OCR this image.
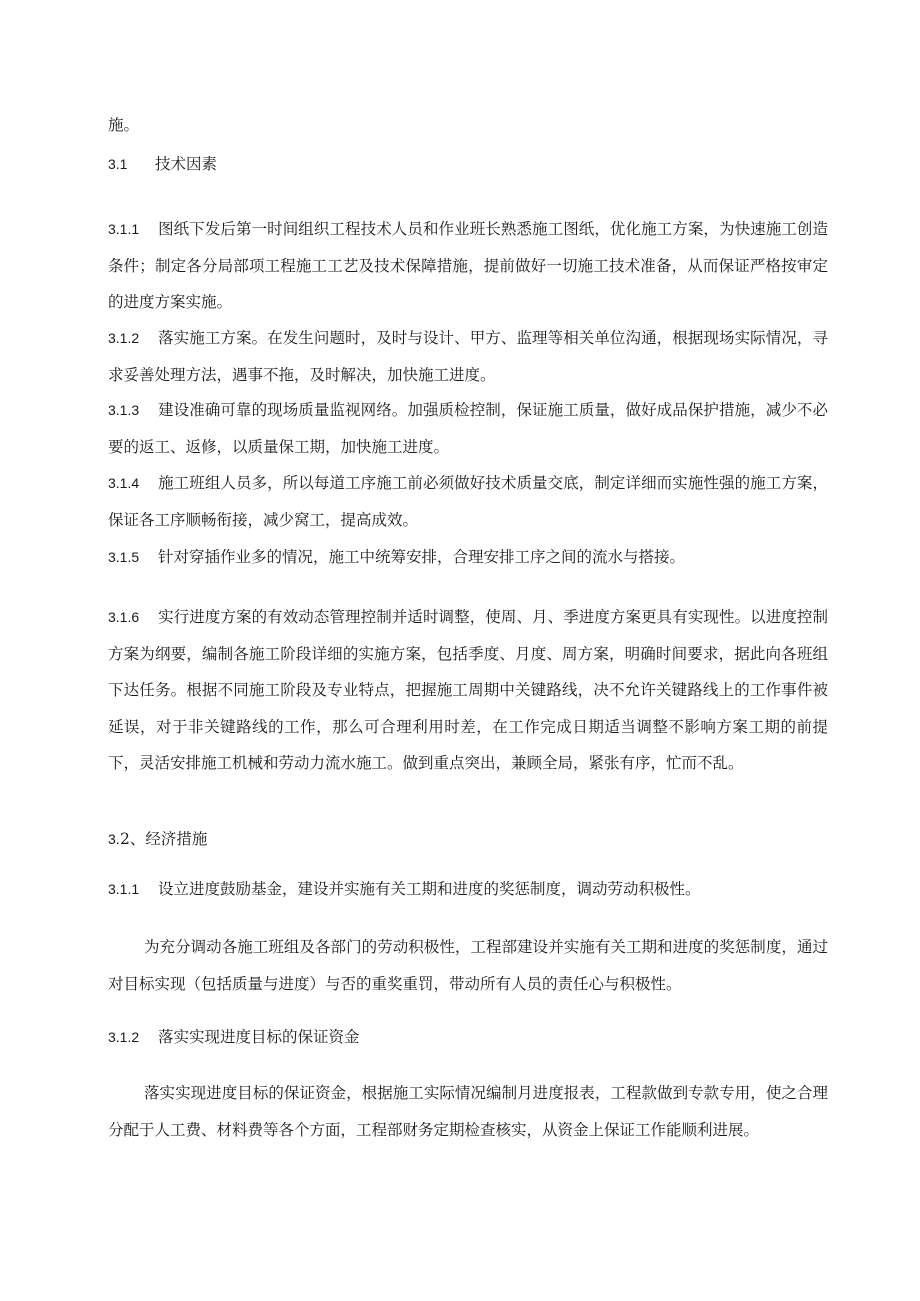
施。
3.1 技术因素
3.1.1 图纸下发后第一时间组织工程技术人员和作业班长熟悉施工图纸，优化施工方案，为快速施工创造条件；制定各分局部项工程施工工艺及技术保障措施，提前做好一切施工技术准备，从而保证严格按审定的进度方案实施。
3.1.2 落实施工方案。在发生问题时，及时与设计、甲方、监理等相关单位沟通，根据现场实际情况，寻求妥善处理方法，遇事不拖，及时解决，加快施工进度。
3.1.3 建设准确可靠的现场质量监视网络。加强质检控制，保证施工质量，做好成品保护措施，减少不必要的返工、返修，以质量保工期，加快施工进度。
3.1.4 施工班组人员多，所以每道工序施工前必须做好技术质量交底，制定详细而实施性强的施工方案，保证各工序顺畅衔接，减少窝工，提高成效。
3.1.5 针对穿插作业多的情况，施工中统筹安排，合理安排工序之间的流水与搭接。
3.1.6 实行进度方案的有效动态管理控制并适时调整，使周、月、季进度方案更具有实现性。以进度控制方案为纲要，编制各施工阶段详细的实施方案，包括季度、月度、周方案，明确时间要求，据此向各班组下达任务。根据不同施工阶段及专业特点，把握施工周期中关键路线，决不允许关键路线上的工作事件被延误，对于非关键路线的工作，那么可合理利用时差，在工作完成日期适当调整不影响方案工期的前提下，灵活安排施工机械和劳动力流水施工。做到重点突出，兼顾全局，紧张有序，忙而不乱。
3.2、经济措施
3.1.1 设立进度鼓励基金，建设并实施有关工期和进度的奖惩制度，调动劳动积极性。
为充分调动各施工班组及各部门的劳动积极性，工程部建设并实施有关工期和进度的奖惩制度，通过对目标实现（包括质量与进度）与否的重奖重罚，带动所有人员的责任心与积极性。
3.1.2 落实实现进度目标的保证资金
落实实现进度目标的保证资金，根据施工实际情况编制月进度报表，工程款做到专款专用，使之合理分配于人工费、材料费等各个方面，工程部财务定期检查核实，从资金上保证工作能顺利进展。
